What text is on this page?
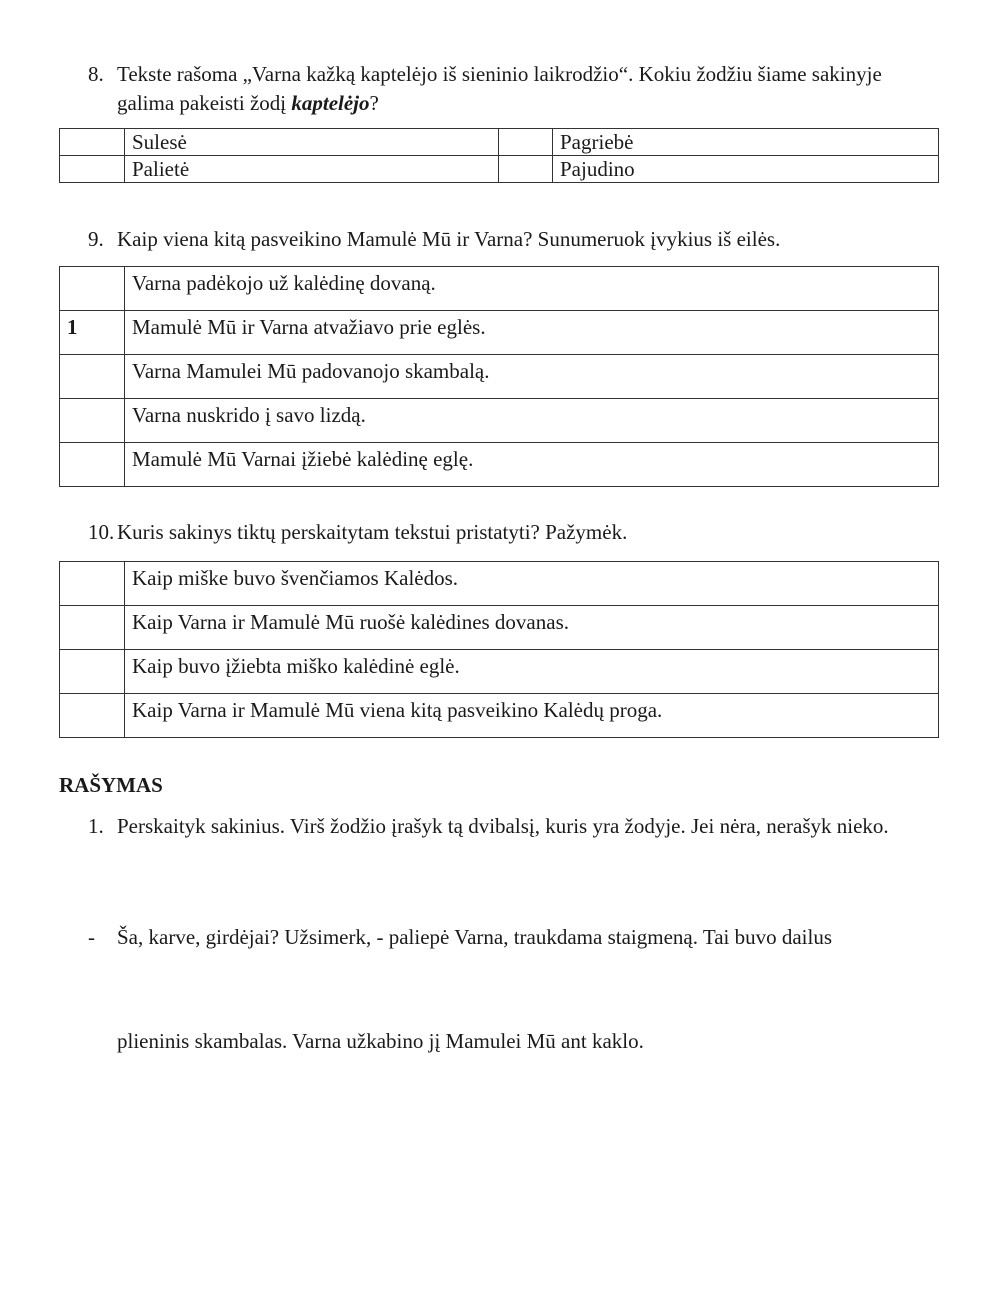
8. Tekste rašoma „Varna kažką kaptelėjo iš sieninio laikrodžio“. Kokiu žodžiu šiame sakinyje
galima pakeisti žodį kaptelėjo?
	Sulesė		Pagriebė
	Palietė		Pajudino
9. Kaip viena kitą pasveikino Mamulė Mū ir Varna? Sunumeruok įvykius iš eilės.
	Varna padėkojo už kalėdinę dovaną.
1	Mamulė Mū ir Varna atvažiavo prie eglės.
	Varna Mamulei Mū padovanojo skambalą.
	Varna nuskrido į savo lizdą.
	Mamulė Mū Varnai įžiebė kalėdinę eglę.
10. Kuris sakinys tiktų perskaitytam tekstui pristatyti? Pažymėk.
	Kaip miške buvo švenčiamos Kalėdos.
	Kaip Varna ir Mamulė Mū ruošė kalėdines dovanas.
	Kaip buvo įžiebta miško kalėdinė eglė.
	Kaip Varna ir Mamulė Mū viena kitą pasveikino Kalėdų proga.
RAŠYMAS
1. Perskaityk sakinius. Virš žodžio įrašyk tą dvibalsį, kuris yra žodyje. Jei nėra, nerašyk nieko.
- Ša, karve, girdėjai? Užsimerk, - paliepė Varna, traukdama staigmeną. Tai buvo dailus
plieninis skambalas. Varna užkabino jį Mamulei Mū ant kaklo.
